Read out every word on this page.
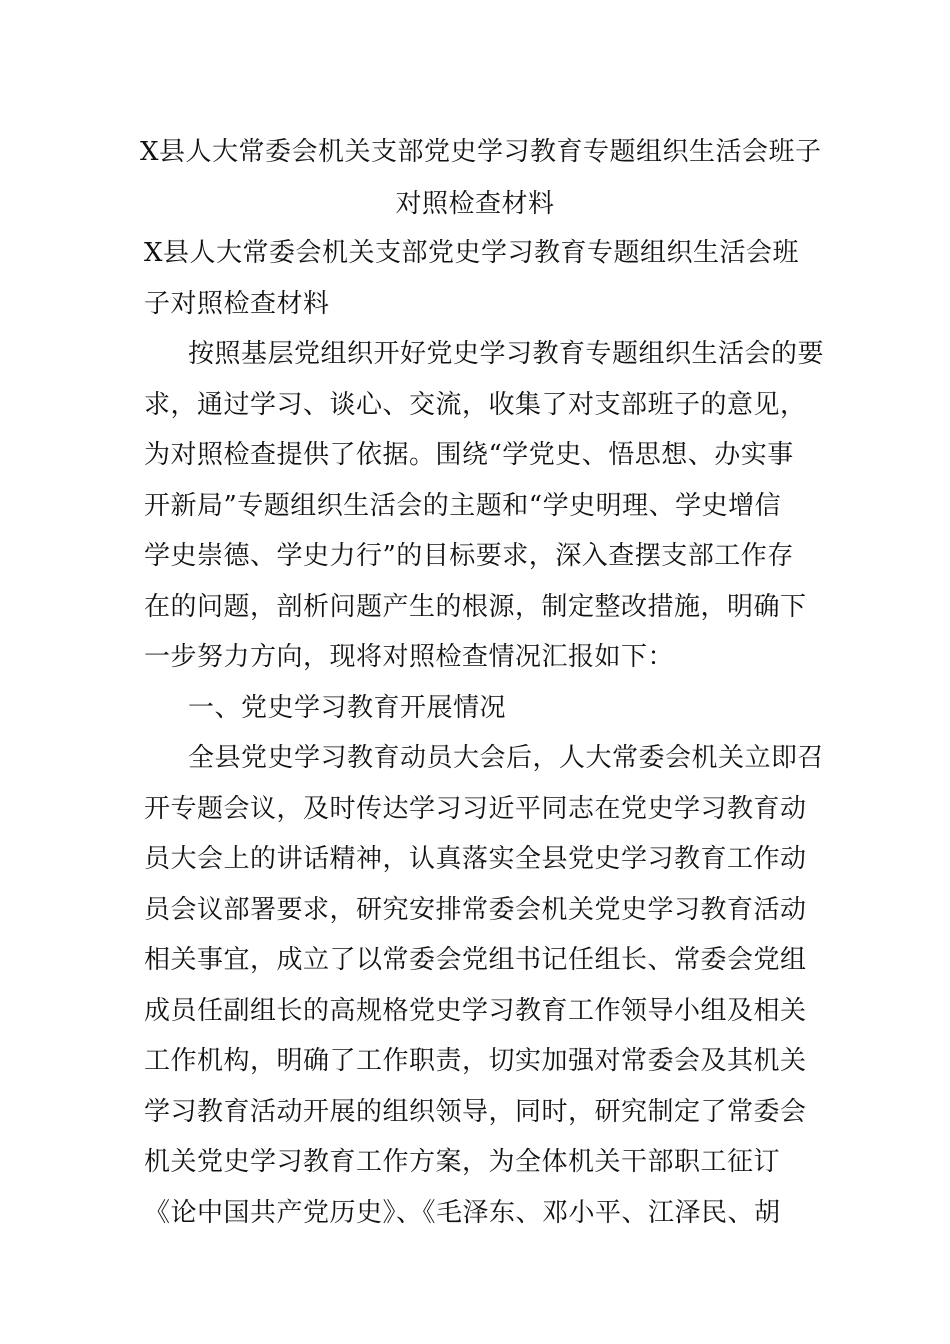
X县人大常委会机关支部党史学习教育专题组织生活会班子
对照检查材料
X县人大常委会机关支部党史学习教育专题组织生活会班
子对照检查材料
按照基层党组织开好党史学习教育专题组织生活会的要
求，通过学习、谈心、交流，收集了对支部班子的意见，
为对照检查提供了依据。围绕“学党史、悟思想、办实事
开新局”专题组织生活会的主题和“学史明理、学史增信
学史崇德、学史力行”的目标要求，深入查摆支部工作存
在的问题，剖析问题产生的根源，制定整改措施，明确下
一步努力方向，现将对照检查情况汇报如下：
一、党史学习教育开展情况
全县党史学习教育动员大会后，人大常委会机关立即召
开专题会议，及时传达学习习近平同志在党史学习教育动
员大会上的讲话精神，认真落实全县党史学习教育工作动
员会议部署要求，研究安排常委会机关党史学习教育活动
相关事宜，成立了以常委会党组书记任组长、常委会党组
成员任副组长的高规格党史学习教育工作领导小组及相关
工作机构，明确了工作职责，切实加强对常委会及其机关
学习教育活动开展的组织领导，同时，研究制定了常委会
机关党史学习教育工作方案，为全体机关干部职工征订
《论中国共产党历史》、《毛泽东、邓小平、江泽民、胡
